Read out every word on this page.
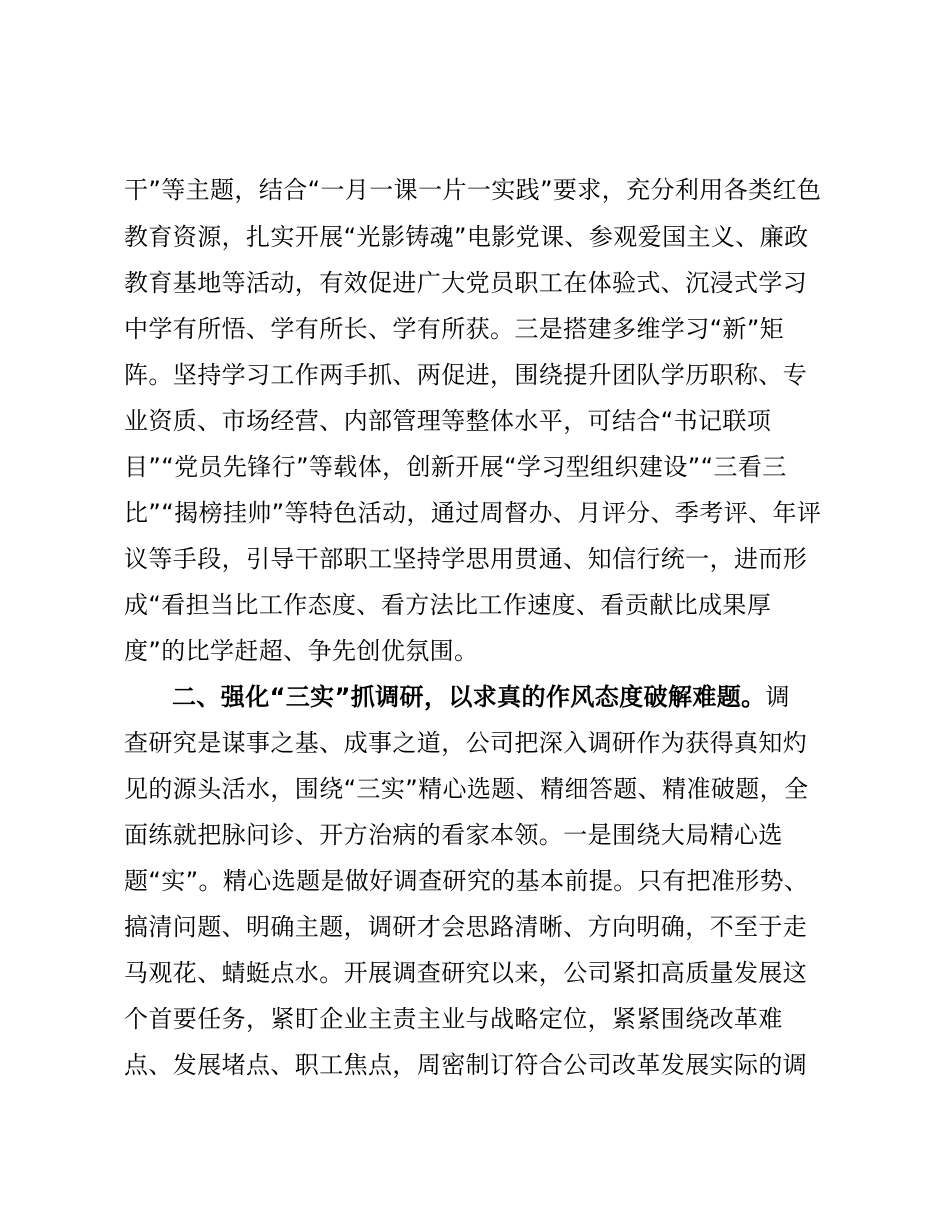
干”等主题，结合“一月一课一片一实践”要求，充分利用各类红色
教育资源，扎实开展“光影铸魂”电影党课、参观爱国主义、廉政
教育基地等活动，有效促进广大党员职工在体验式、沉浸式学习
中学有所悟、学有所长、学有所获。三是搭建多维学习“新”矩
阵。坚持学习工作两手抓、两促进，围绕提升团队学历职称、专
业资质、市场经营、内部管理等整体水平，可结合“书记联项
目”“党员先锋行”等载体，创新开展“学习型组织建设”“三看三
比”“揭榜挂帅”等特色活动，通过周督办、月评分、季考评、年评
议等手段，引导干部职工坚持学思用贯通、知信行统一，进而形
成“看担当比工作态度、看方法比工作速度、看贡献比成果厚
度”的比学赶超、争先创优氛围。
二、强化“三实”抓调研，以求真的作风态度破解难题。调
查研究是谋事之基、成事之道，公司把深入调研作为获得真知灼
见的源头活水，围绕“三实”精心选题、精细答题、精准破题，全
面练就把脉问诊、开方治病的看家本领。一是围绕大局精心选
题“实”。精心选题是做好调查研究的基本前提。只有把准形势、
搞清问题、明确主题，调研才会思路清晰、方向明确，不至于走
马观花、蜻蜓点水。开展调查研究以来，公司紧扣高质量发展这
个首要任务，紧盯企业主责主业与战略定位，紧紧围绕改革难
点、发展堵点、职工焦点，周密制订符合公司改革发展实际的调
